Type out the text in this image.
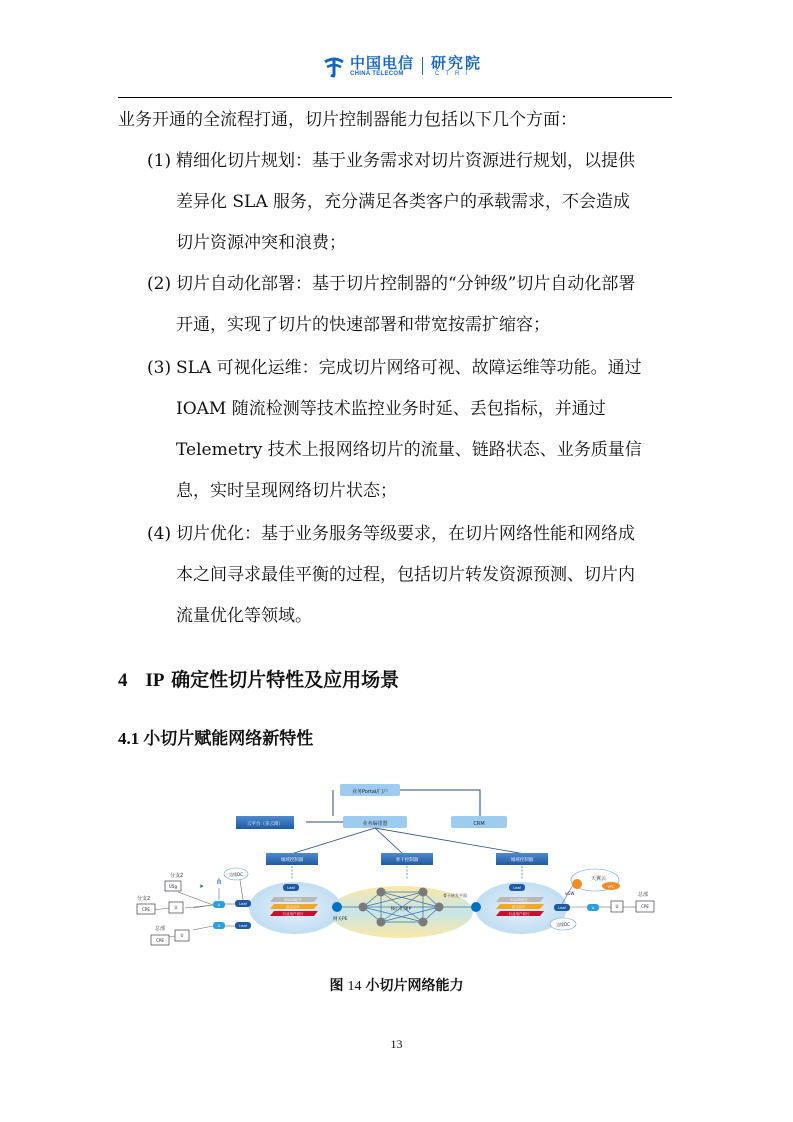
中国电信
CHINA TELECOM
研究院
CTRI
业务开通的全流程打通，切片控制器能力包括以下几个方面：
(1) 精细化切片规划：基于业务需求对切片资源进行规划，以提供
差异化 SLA 服务，充分满足各类客户的承载需求，不会造成
切片资源冲突和浪费；
(2) 切片自动化部署：基于切片控制器的“分钟级”切片自动化部署
开通，实现了切片的快速部署和带宽按需扩缩容；
(3) SLA 可视化运维：完成切片网络可视、故障运维等功能。通过
IOAM 随流检测等技术监控业务时延、丢包指标，并通过
Telemetry 技术上报网络切片的流量、链路状态、业务质量信
息，实时呈现网络切片状态；
(4) 切片优化：基于业务服务等级要求，在切片网络性能和网络成
本之间寻求最佳平衡的过程，包括切片转发资源预测、切片内
流量优化等领域。
4 IP 确定性切片特性及应用场景
4.1 小切片赋能网络新特性
业务Portal/门户
业务编排器
云平台（多云商）	CRM
城域控制器	骨干控制器	城域控制器
核心汇聚P
骨干转发平面
网关PE
5G/2B切片
政企切片
行业用户切片
5G/2B切片
政企切片
行业用户切片
Leaf	Leaf
Leaf
Leaf
Leaf
A
A
⋔
➤
边缘DC
分支2
U5g
分支2
CPE	U
总部
CPE
U
A	U
总部
CPE
边缘DC
天翼云
VPC
vGW
图 14 小切片网络能力
13
